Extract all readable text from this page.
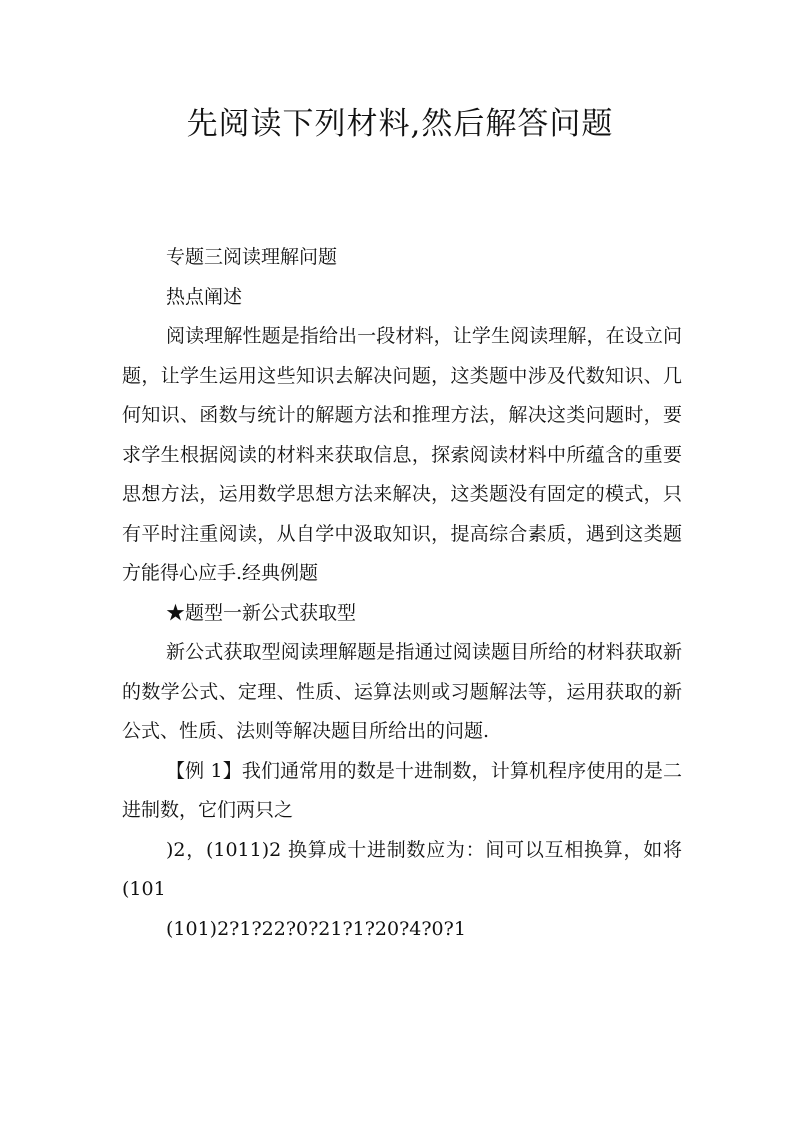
先阅读下列材料,然后解答问题

专题三阅读理解问题

热点阐述

阅读理解性题是指给出一段材料，让学生阅读理解，在设立问题，让学生运用这些知识去解决问题，这类题中涉及代数知识、几何知识、函数与统计的解题方法和推理方法，解决这类问题时，要求学生根据阅读的材料来获取信息，探索阅读材料中所蕴含的重要思想方法，运用数学思想方法来解决，这类题没有固定的模式，只有平时注重阅读，从自学中汲取知识，提高综合素质，遇到这类题方能得心应手.经典例题

★题型一新公式获取型

新公式获取型阅读理解题是指通过阅读题目所给的材料获取新的数学公式、定理、性质、运算法则或习题解法等，运用获取的新公式、性质、法则等解决题目所给出的问题.

【例 1】我们通常用的数是十进制数，计算机程序使用的是二进制数，它们两只之

)2，(1011)2 换算成十进制数应为：间可以互相换算，如将(101

(101)2?1?22?0?21?1?20?4?0?1
